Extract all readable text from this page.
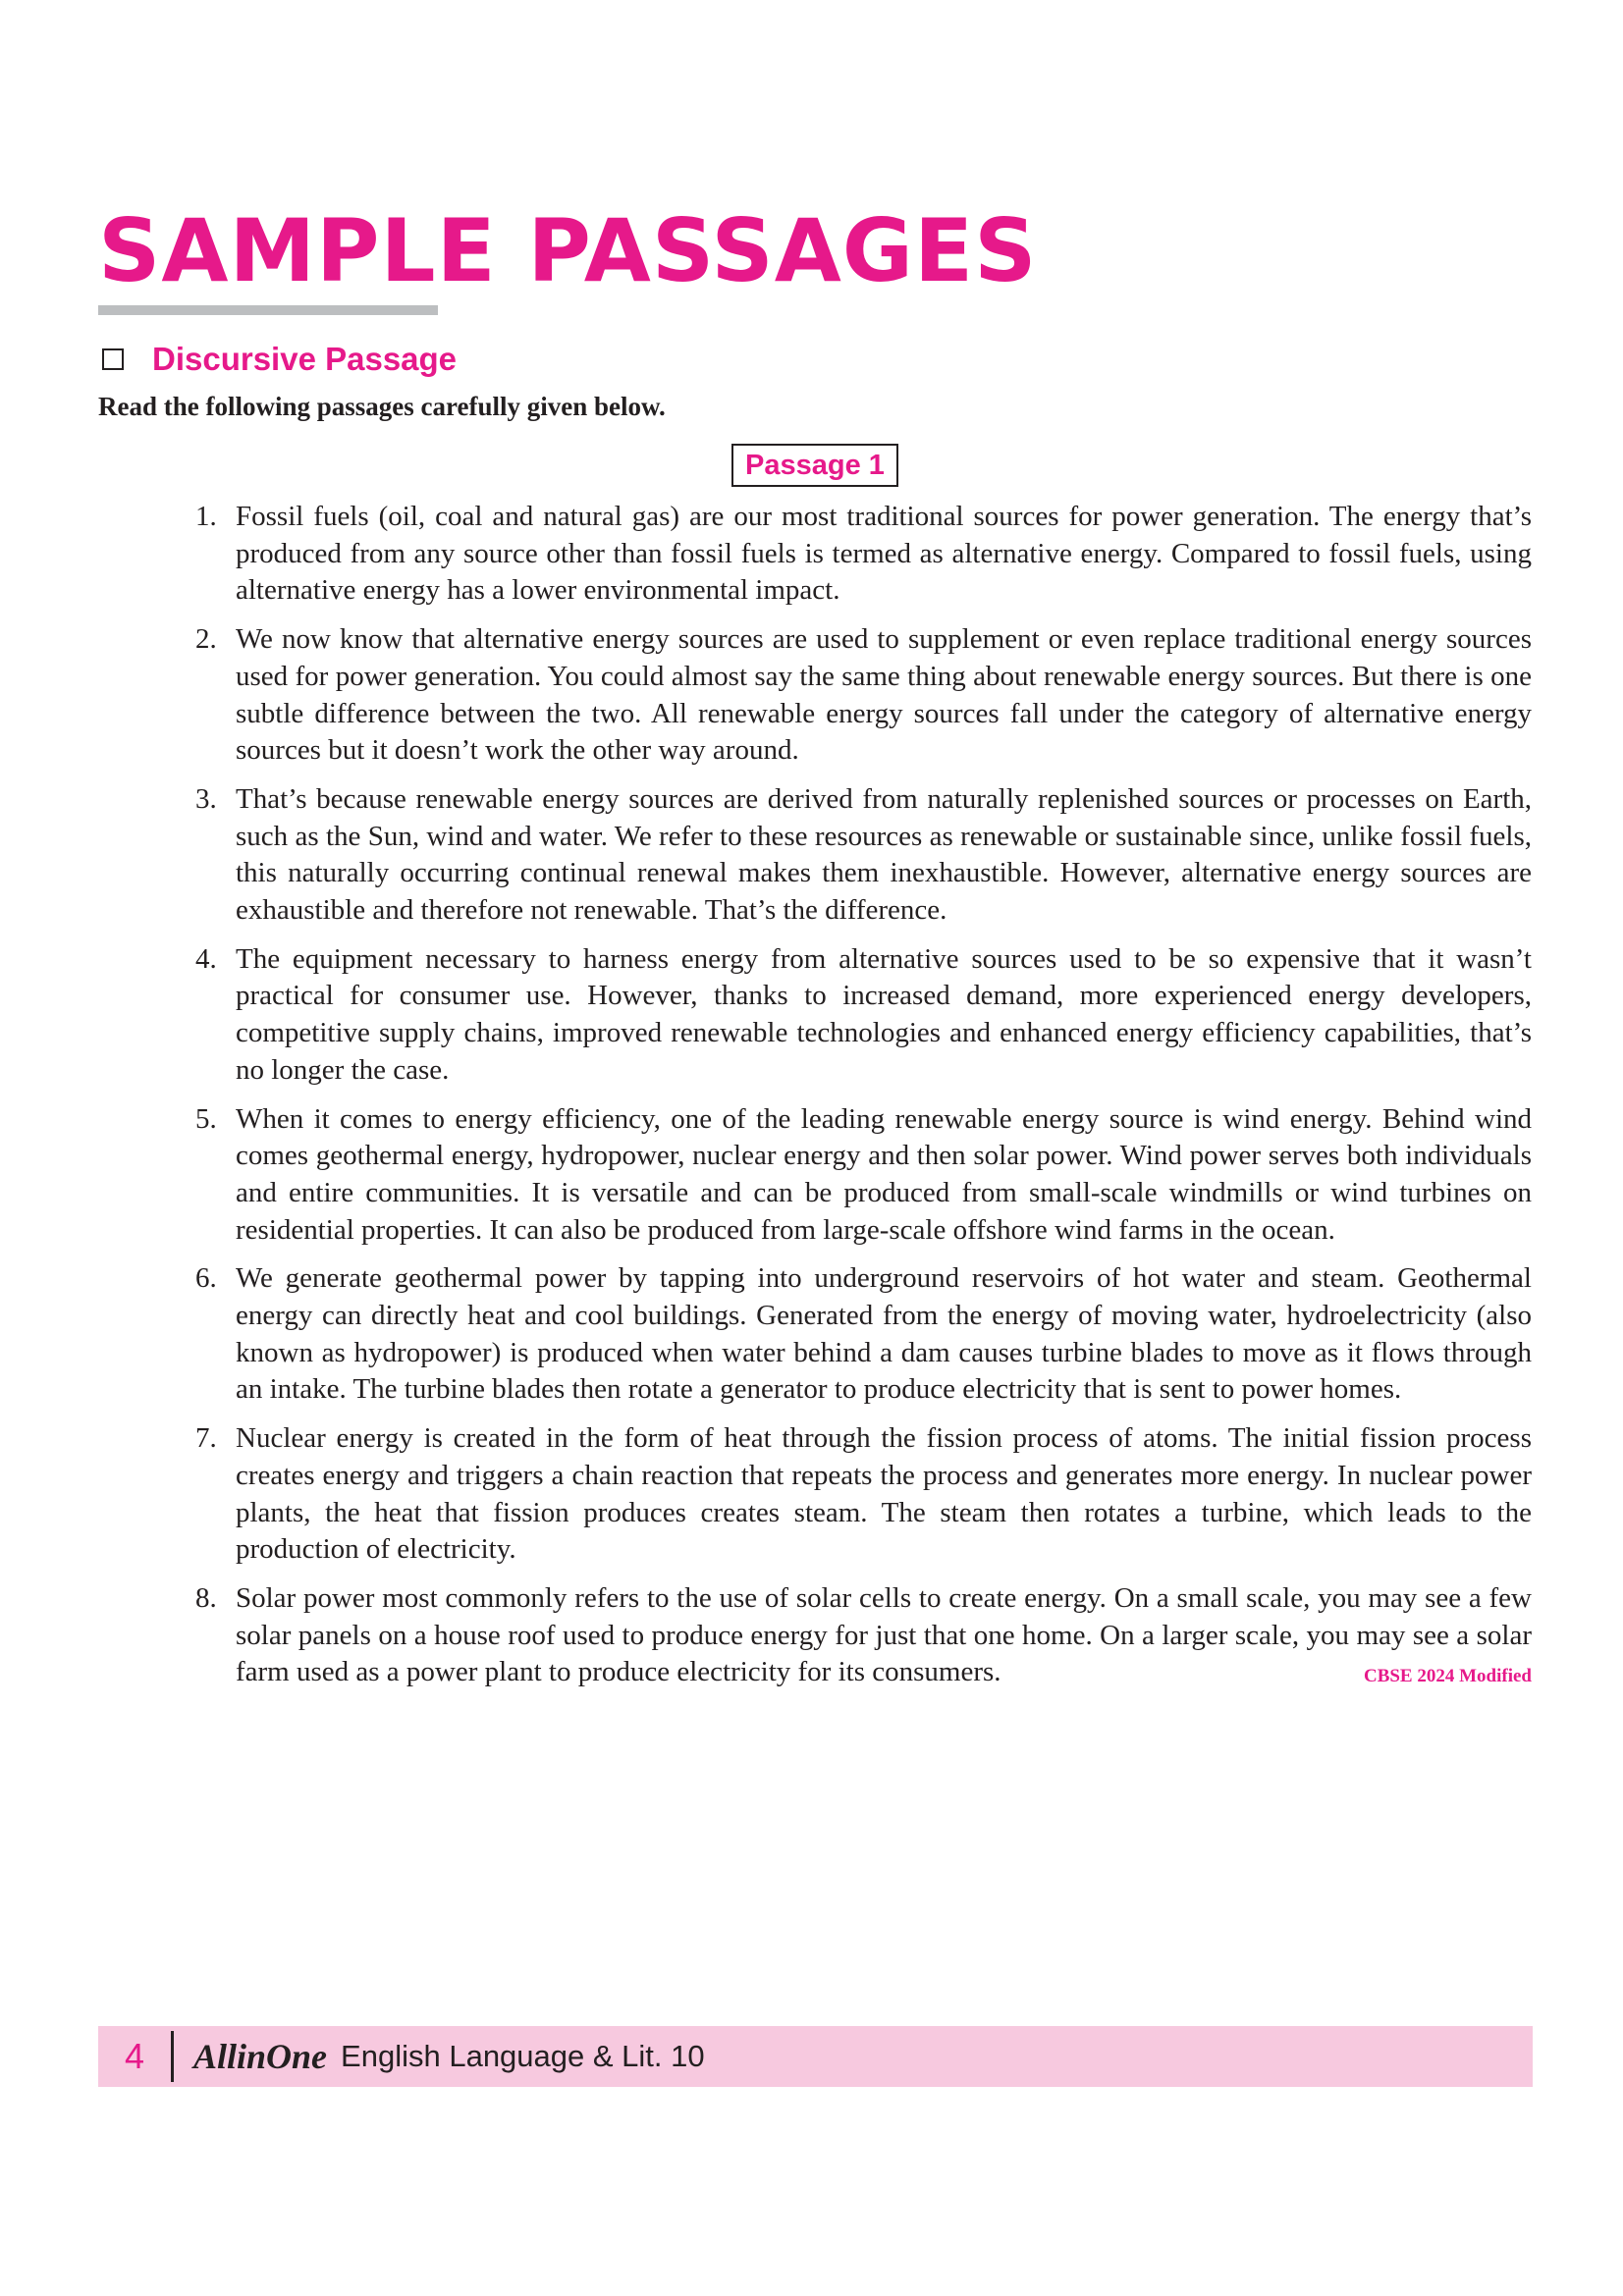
SAMPLE PASSAGES
Discursive Passage

Read the following passages carefully given below.

Passage 1
1. Fossil fuels (oil, coal and natural gas) are our most traditional sources for power generation. The energy that’s produced from any source other than fossil fuels is termed as alternative energy. Compared to fossil fuels, using alternative energy has a lower environmental impact.
2. We now know that alternative energy sources are used to supplement or even replace traditional energy sources used for power generation. You could almost say the same thing about renewable energy sources. But there is one subtle difference between the two. All renewable energy sources fall under the category of alternative energy sources but it doesn’t work the other way around.
3. That’s because renewable energy sources are derived from naturally replenished sources or processes on Earth, such as the Sun, wind and water. We refer to these resources as renewable or sustainable since, unlike fossil fuels, this naturally occurring continual renewal makes them inexhaustible. However, alternative energy sources are exhaustible and therefore not renewable. That’s the difference.
4. The equipment necessary to harness energy from alternative sources used to be so expensive that it wasn’t practical for consumer use. However, thanks to increased demand, more experienced energy developers, competitive supply chains, improved renewable technologies and enhanced energy efficiency capabilities, that’s no longer the case.
5. When it comes to energy efficiency, one of the leading renewable energy source is wind energy. Behind wind comes geothermal energy, hydropower, nuclear energy and then solar power. Wind power serves both individuals and entire communities. It is versatile and can be produced from small-scale windmills or wind turbines on residential properties. It can also be produced from large-scale offshore wind farms in the ocean.
6. We generate geothermal power by tapping into underground reservoirs of hot water and steam. Geothermal energy can directly heat and cool buildings. Generated from the energy of moving water, hydroelectricity (also known as hydropower) is produced when water behind a dam causes turbine blades to move as it flows through an intake. The turbine blades then rotate a generator to produce electricity that is sent to power homes.
7. Nuclear energy is created in the form of heat through the fission process of atoms. The initial fission process creates energy and triggers a chain reaction that repeats the process and generates more energy. In nuclear power plants, the heat that fission produces creates steam. The steam then rotates a turbine, which leads to the production of electricity.
8. Solar power most commonly refers to the use of solar cells to create energy. On a small scale, you may see a few solar panels on a house roof used to produce energy for just that one home. On a larger scale, you may see a solar farm used as a power plant to produce electricity for its consumers.	CBSE 2024 Modified
4	AllinOne English Language & Lit. 10
